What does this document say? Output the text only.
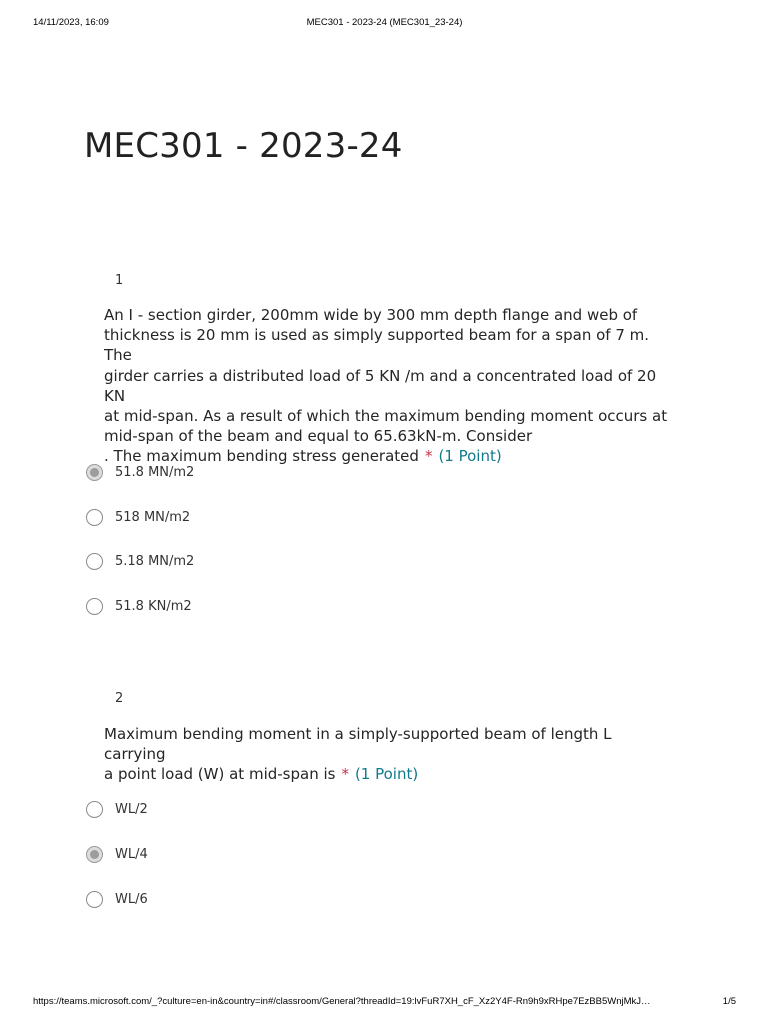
14/11/2023, 16:09	MEC301 - 2023-24 (MEC301_23-24)
MEC301 - 2023-24
1

An I - section girder, 200mm wide by 300 mm depth flange and web of

thickness is 20 mm is used as simply supported beam for a span of 7 m. The

girder carries a distributed load of 5 KN /m and a concentrated load of 20 KN

at mid-span. As a result of which the maximum bending moment occurs at

mid-span of the beam and equal to 65.63kN-m. Consider

. The maximum bending stress generated * (1 Point)

51.8 MN/m2
518 MN/m2
5.18 MN/m2
51.8 KN/m2
2

Maximum bending moment in a simply-supported beam of length L carrying

a point load (W) at mid-span is * (1 Point)

WL/2
WL/4
WL/6
https://teams.microsoft.com/_?culture=en-in&country=in#/classroom/General?threadId=19:lvFuR7XH_cF_Xz2Y4F-Rn9h9xRHpe7EzBB5WnjMkJ…	1/5
